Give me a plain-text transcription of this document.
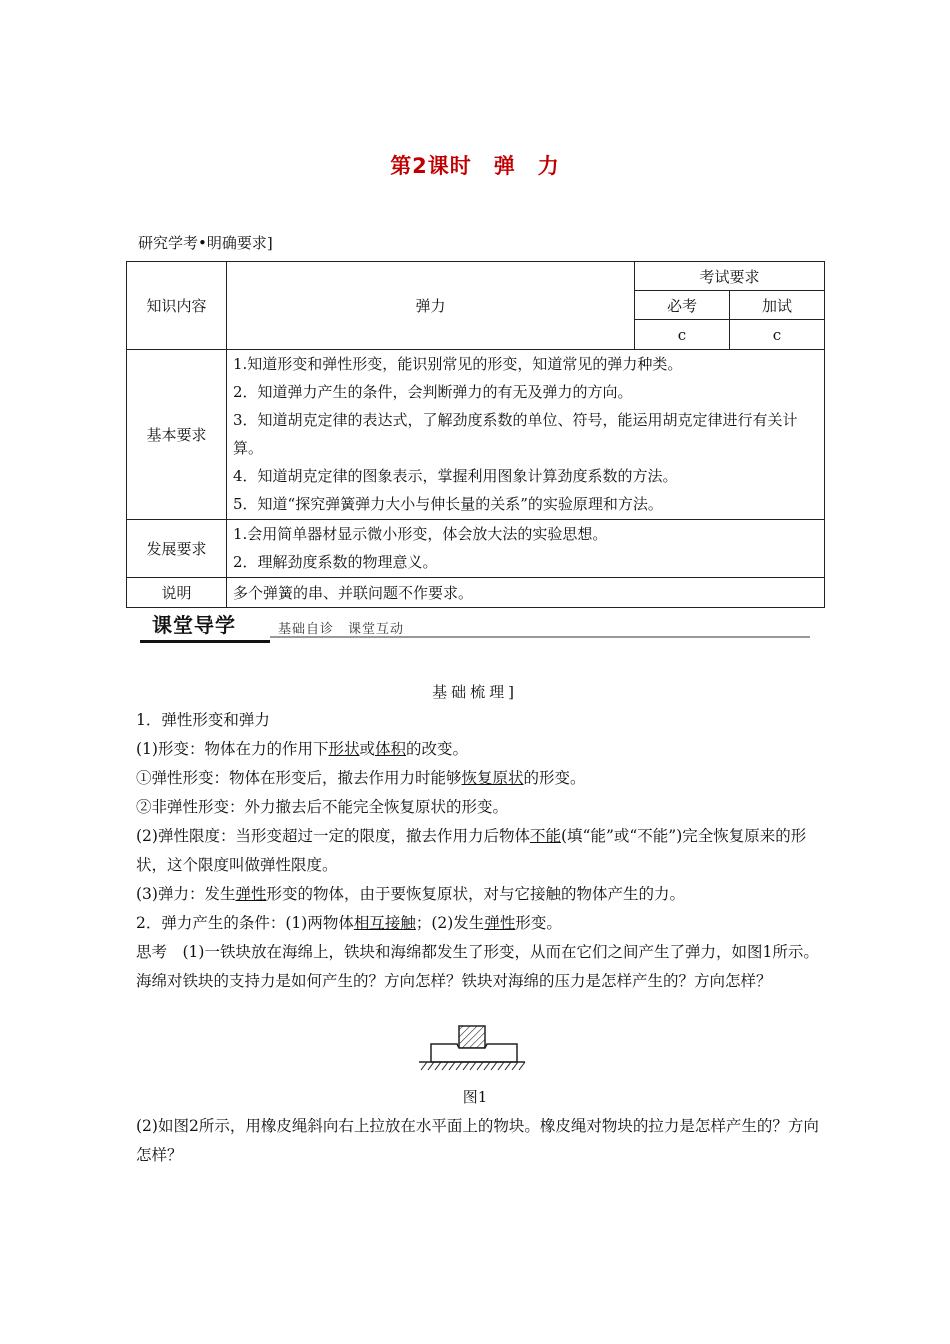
第2课时　弹　力
研究学考•明确要求]
知识内容	弹力	考试要求	
		必考	加试
		c	c
基本要求	1.知道形变和弹性形变，能识别常见的形变，知道常见的弹力种类。
2．知道弹力产生的条件，会判断弹力的有无及弹力的方向。
3．知道胡克定律的表达式，了解劲度系数的单位、符号，能运用胡克定律进行有关计算。
4．知道胡克定律的图象表示，掌握利用图象计算劲度系数的方法。
5．知道“探究弹簧弹力大小与伸长量的关系”的实验原理和方法。		

发展要求	1.会用简单器材显示微小形变，体会放大法的实验思想。
2．理解劲度系数的物理意义。		

说明	多个弹簧的串、并联问题不作要求。		
课堂导学	基础自诊　课堂互动
基础梳理]

1．弹性形变和弹力

(1)形变：物体在力的作用下形状或体积的改变。

①弹性形变：物体在形变后，撤去作用力时能够恢复原状的形变。

②非弹性形变：外力撤去后不能完全恢复原状的形变。

(2)弹性限度：当形变超过一定的限度，撤去作用力后物体不能(填“能”或“不能”)完全恢复原来的形状，这个限度叫做弹性限度。

(3)弹力：发生弹性形变的物体，由于要恢复原状，对与它接触的物体产生的力。

2．弹力产生的条件：(1)两物体相互接触；(2)发生弹性形变。

思考　(1)一铁块放在海绵上，铁块和海绵都发生了形变，从而在它们之间产生了弹力，如图1所示。海绵对铁块的支持力是如何产生的？方向怎样？铁块对海绵的压力是怎样产生的？方向怎样？

图1

(2)如图2所示，用橡皮绳斜向右上拉放在水平面上的物块。橡皮绳对物块的拉力是怎样产生的？方向怎样？
